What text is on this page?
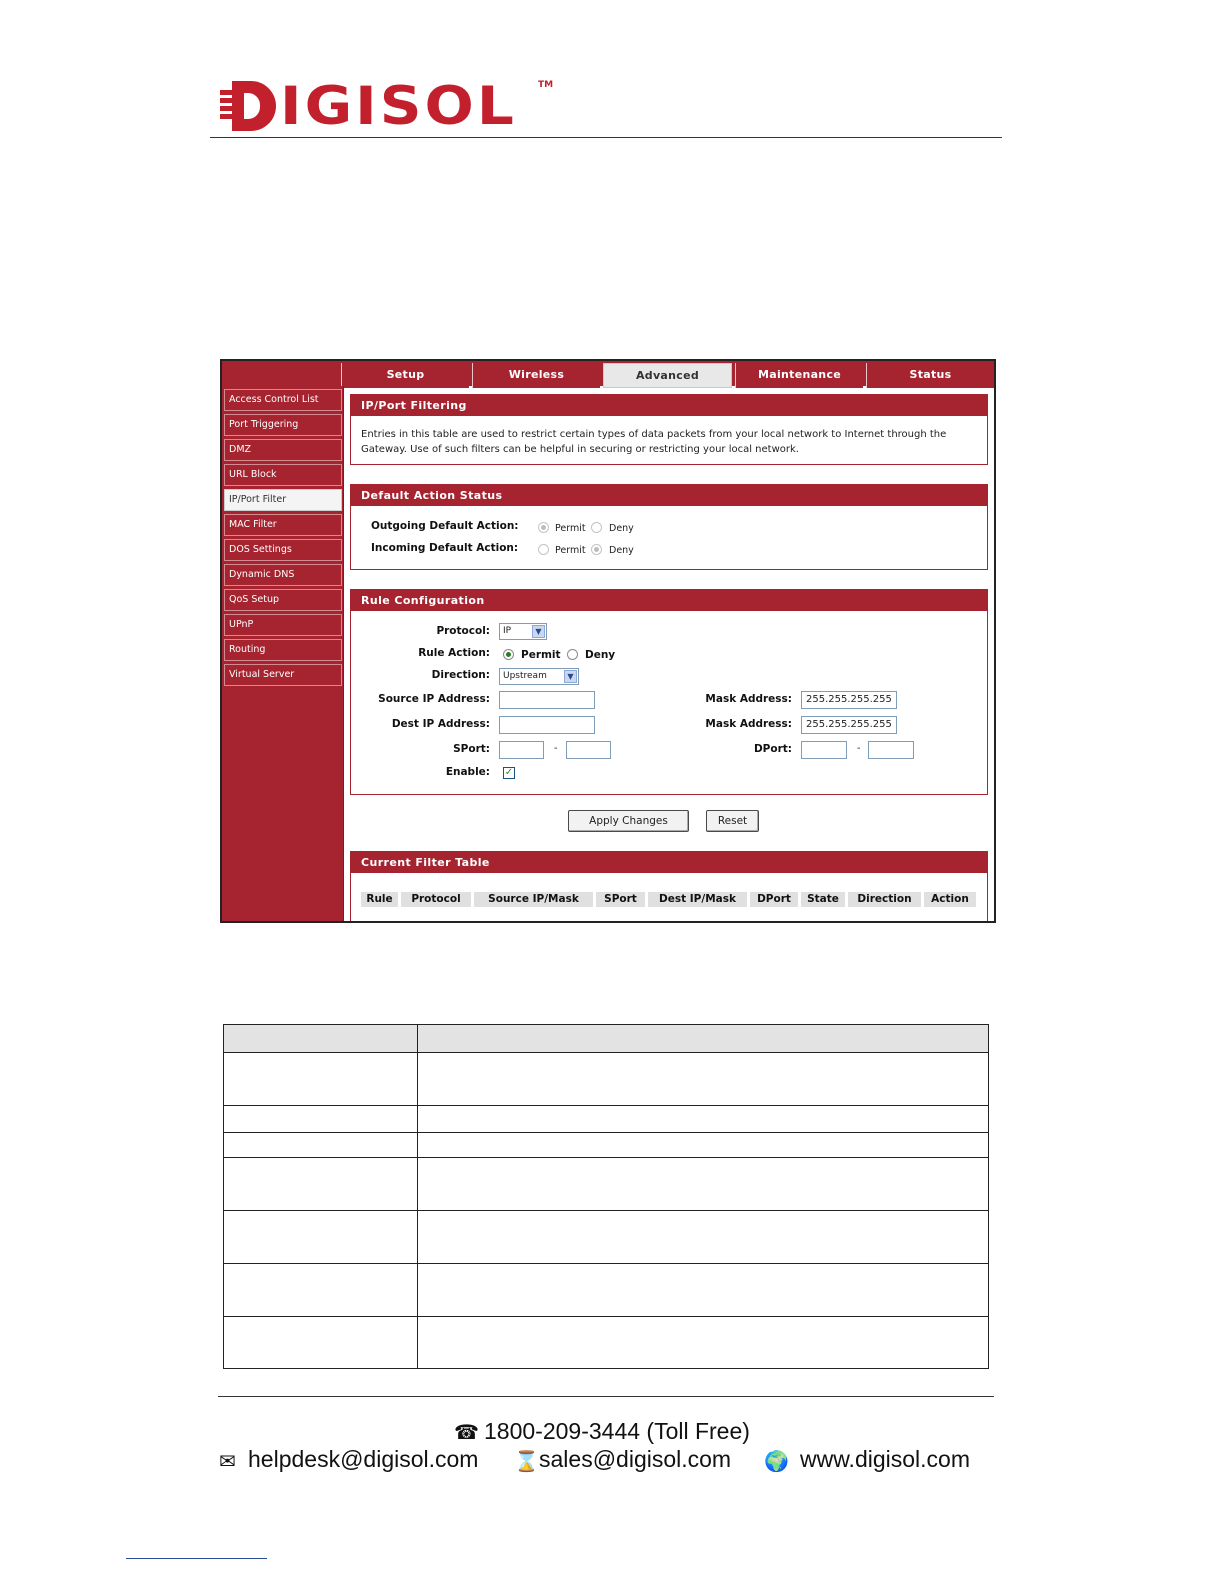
IGISOL TM
Setup	Wireless	Advanced	Maintenance	Status
Access Control List
Port Triggering
DMZ
URL Block
IP/Port Filter
MAC Filter
DOS Settings
Dynamic DNS
QoS Setup
UPnP
Routing
Virtual Server
IP/Port Filtering
Entries in this table are used to restrict certain types of data packets from your local network to Internet through the Gateway. Use of such filters can be helpful in securing or restricting your local network.
Default Action Status
Outgoing Default Action:	Permit Deny
Incoming Default Action:	Permit Deny
Rule Configuration
Protocol:	IP	▼
Rule Action:	Permit Deny
Direction:	Upstream	▼
Source IP Address:	Mask Address:	255.255.255.255
Dest IP Address:	Mask Address:	255.255.255.255
SPort:	-	DPort:	-
Enable: ✓
Apply Changes	Reset
Current Filter Table
Rule	Protocol	Source IP/Mask	SPort	Dest IP/Mask	DPort	State	Direction	Action

☎ 1800-209-3444 (Toll Free)
✉ helpdesk@digisol.com ⌛ sales@digisol.com 🌍 www.digisol.com
